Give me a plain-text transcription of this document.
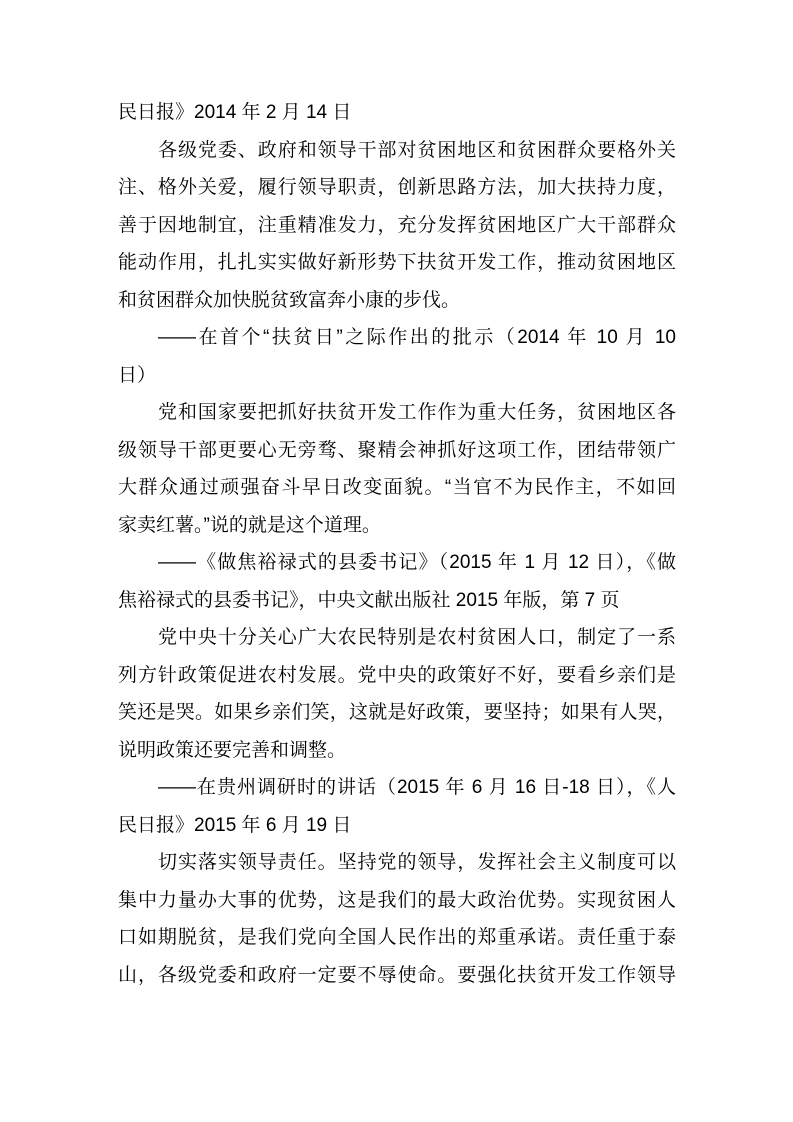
民日报》2014 年 2 月 14 日
各级党委、政府和领导干部对贫困地区和贫困群众要格外关
注、格外关爱，履行领导职责，创新思路方法，加大扶持力度，
善于因地制宜，注重精准发力，充分发挥贫困地区广大干部群众
能动作用，扎扎实实做好新形势下扶贫开发工作，推动贫困地区
和贫困群众加快脱贫致富奔小康的步伐。
——在首个“扶贫日”之际作出的批示（2014 年 10 月 10
日）
党和国家要把抓好扶贫开发工作作为重大任务，贫困地区各
级领导干部更要心无旁骛、聚精会神抓好这项工作，团结带领广
大群众通过顽强奋斗早日改变面貌。“当官不为民作主，不如回
家卖红薯。”说的就是这个道理。
——《做焦裕禄式的县委书记》（2015 年 1 月 12 日），《做
焦裕禄式的县委书记》，中央文献出版社 2015 年版，第 7 页
党中央十分关心广大农民特别是农村贫困人口，制定了一系
列方针政策促进农村发展。党中央的政策好不好，要看乡亲们是
笑还是哭。如果乡亲们笑，这就是好政策，要坚持；如果有人哭，
说明政策还要完善和调整。
——在贵州调研时的讲话（2015 年 6 月 16 日-18 日），《人
民日报》2015 年 6 月 19 日
切实落实领导责任。坚持党的领导，发挥社会主义制度可以
集中力量办大事的优势，这是我们的最大政治优势。实现贫困人
口如期脱贫，是我们党向全国人民作出的郑重承诺。责任重于泰
山，各级党委和政府一定要不辱使命。要强化扶贫开发工作领导
